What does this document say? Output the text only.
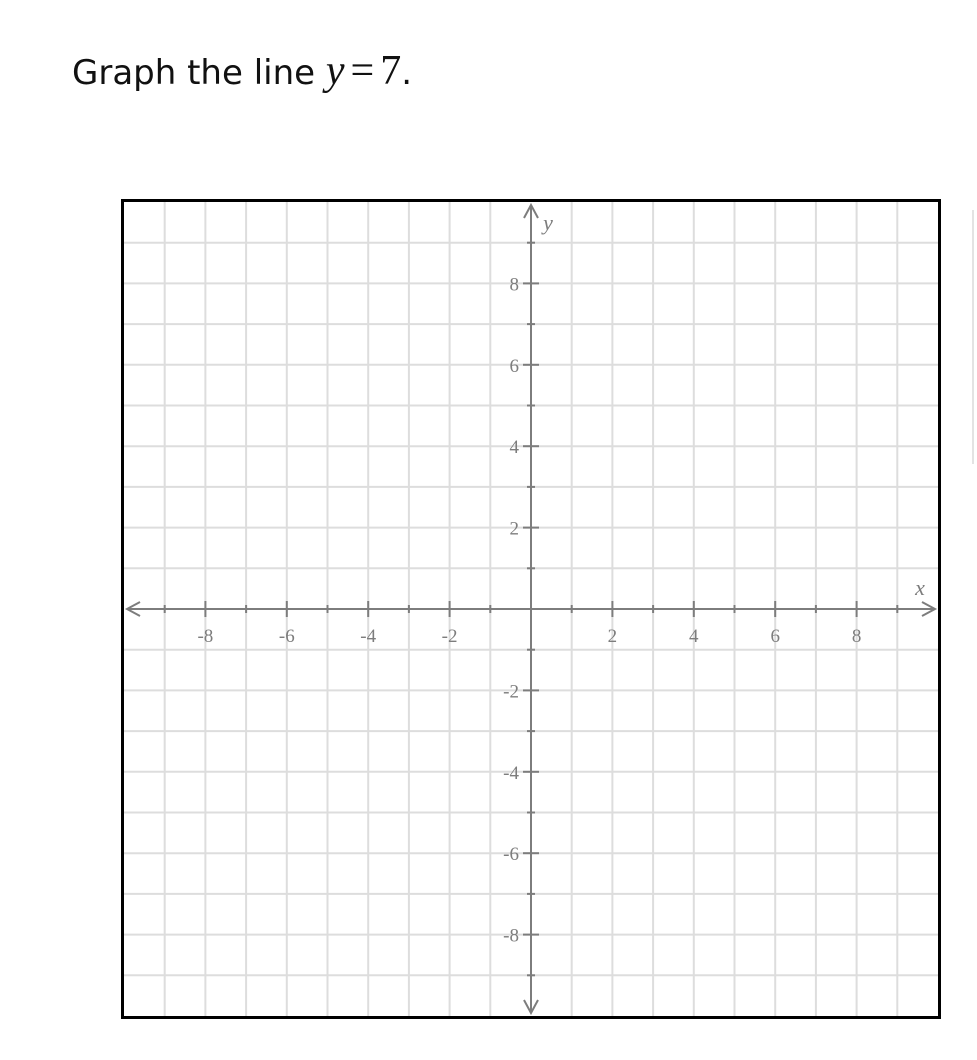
Graph the line y = 7.
-8	-6	-4	-2	2	4	6	8
8
6
4
2
-2
-4
-6
-8
x
y
